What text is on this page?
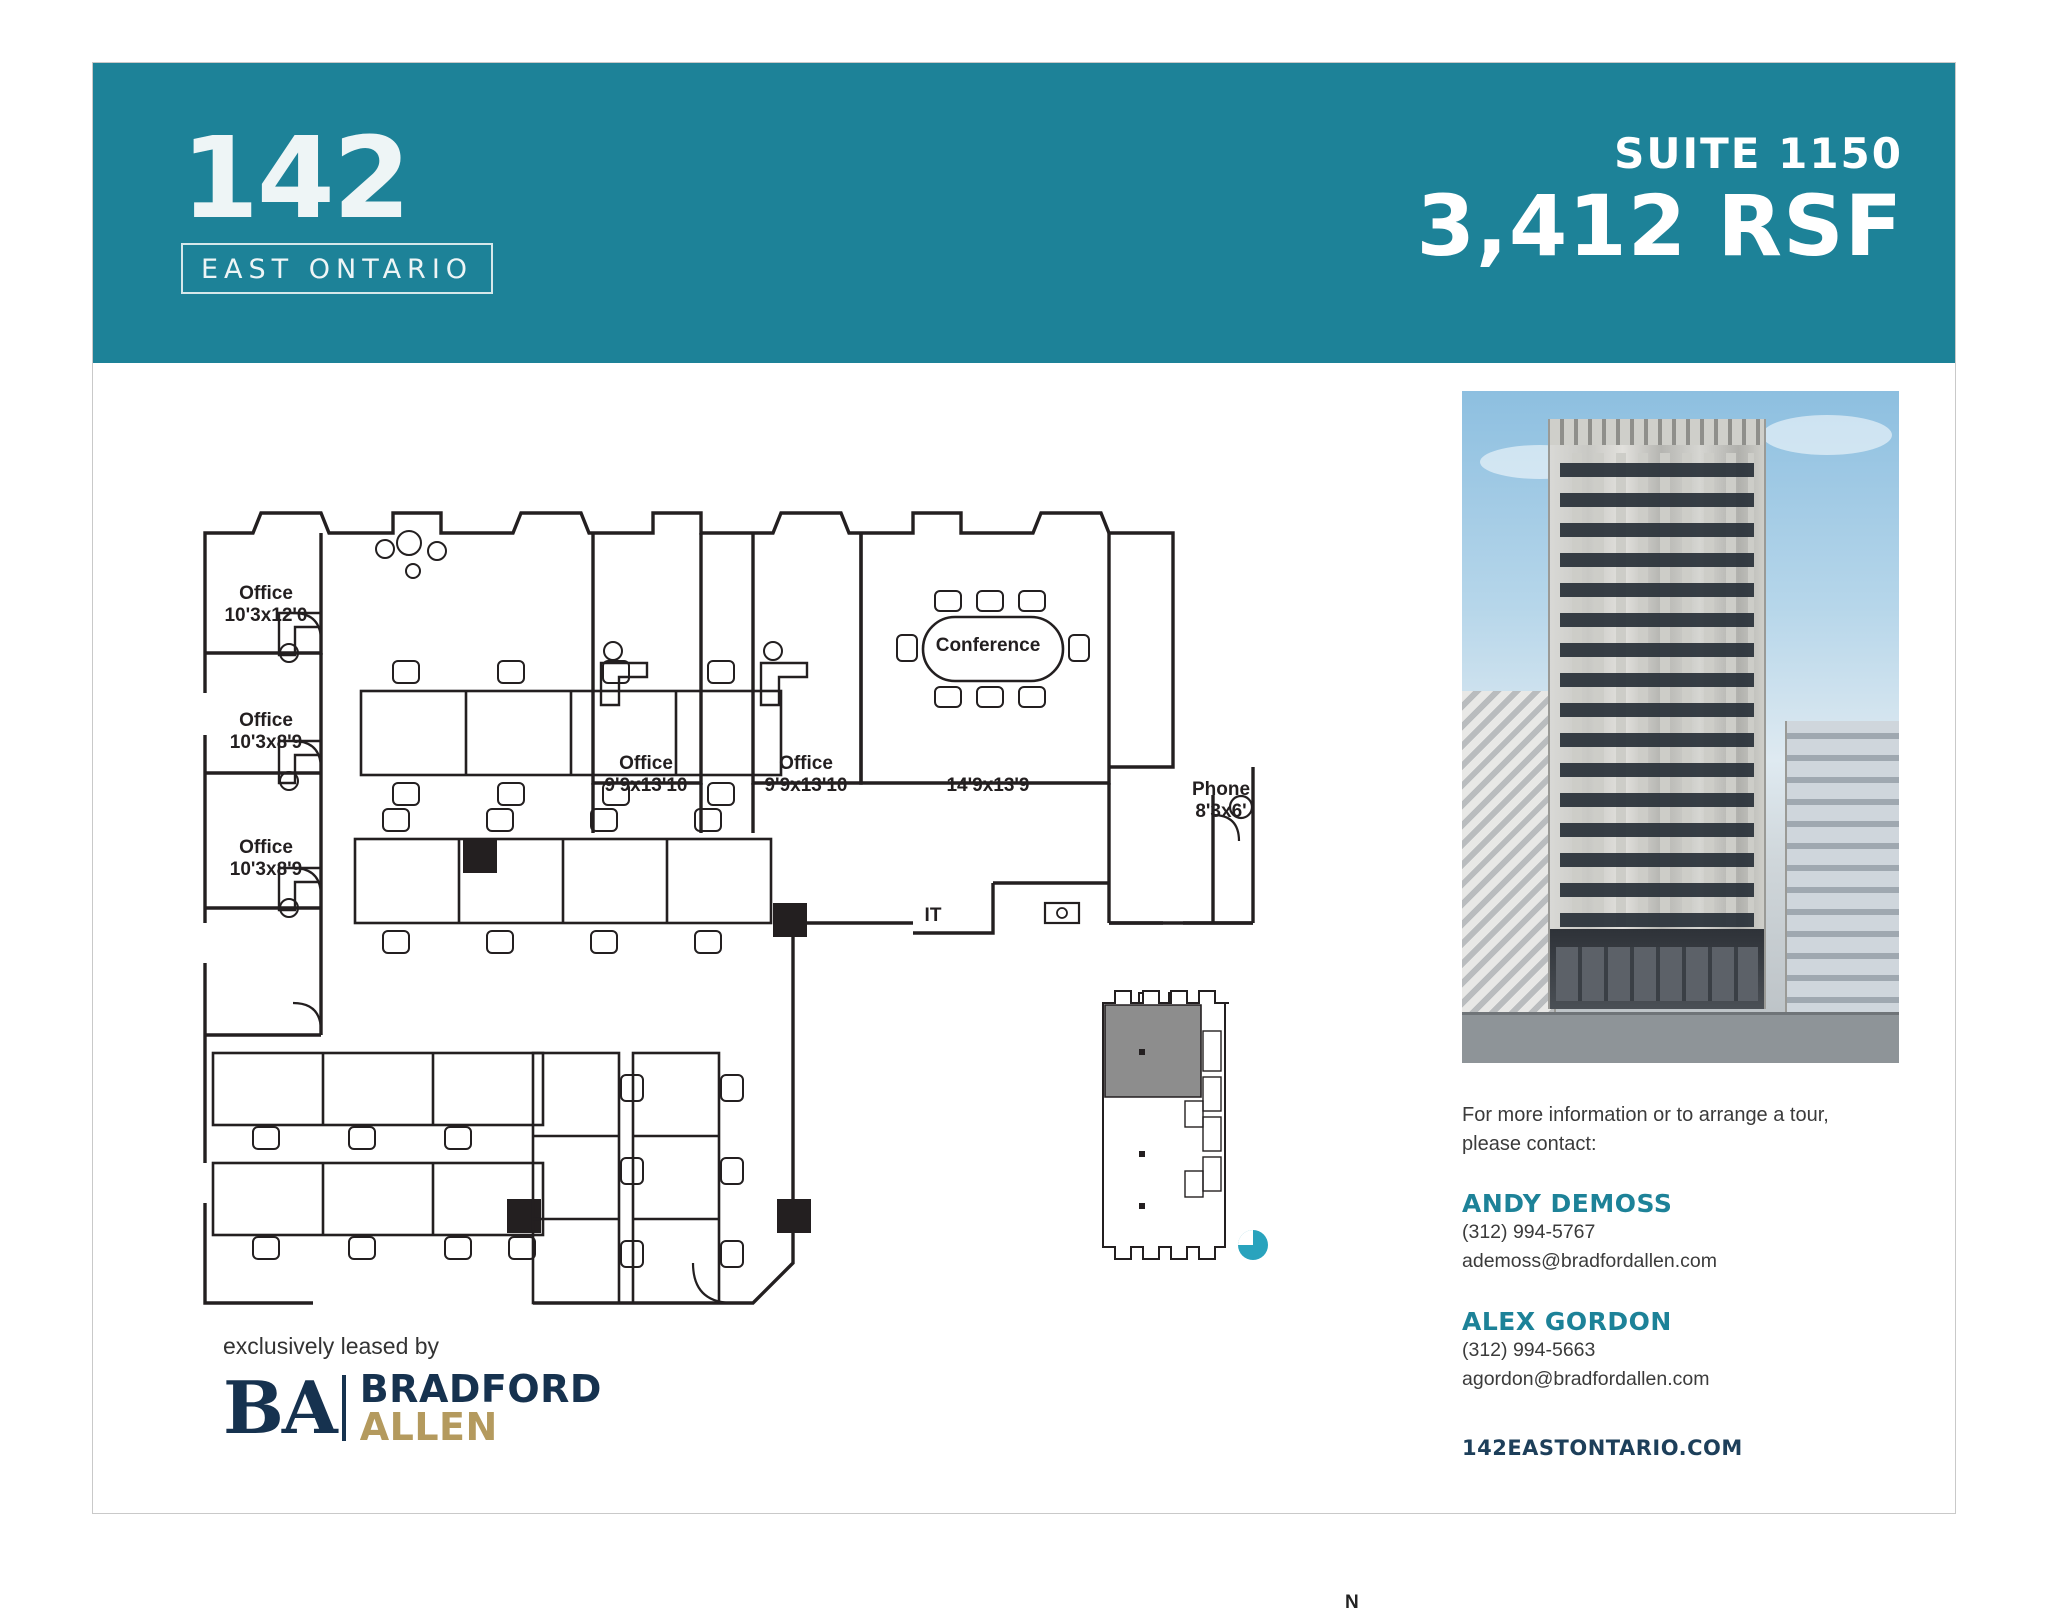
142
EAST ONTARIO
SUITE 1150
3,412 RSF
Office
10'3x12'0
Office
10'3x8'9
Office
10'3x8'9
Office
9'9x13'10
Office
9'9x13'10
Conference
14'9x13'9	Phone
8'3x6'
IT
N
exclusively leased by
BA BRADFORD
ALLEN
For more information or to arrange a tour,
please contact:
ANDY DEMOSS
(312) 994-5767
ademoss@bradfordallen.com
ALEX GORDON
(312) 994-5663
agordon@bradfordallen.com
142EASTONTARIO.COM
